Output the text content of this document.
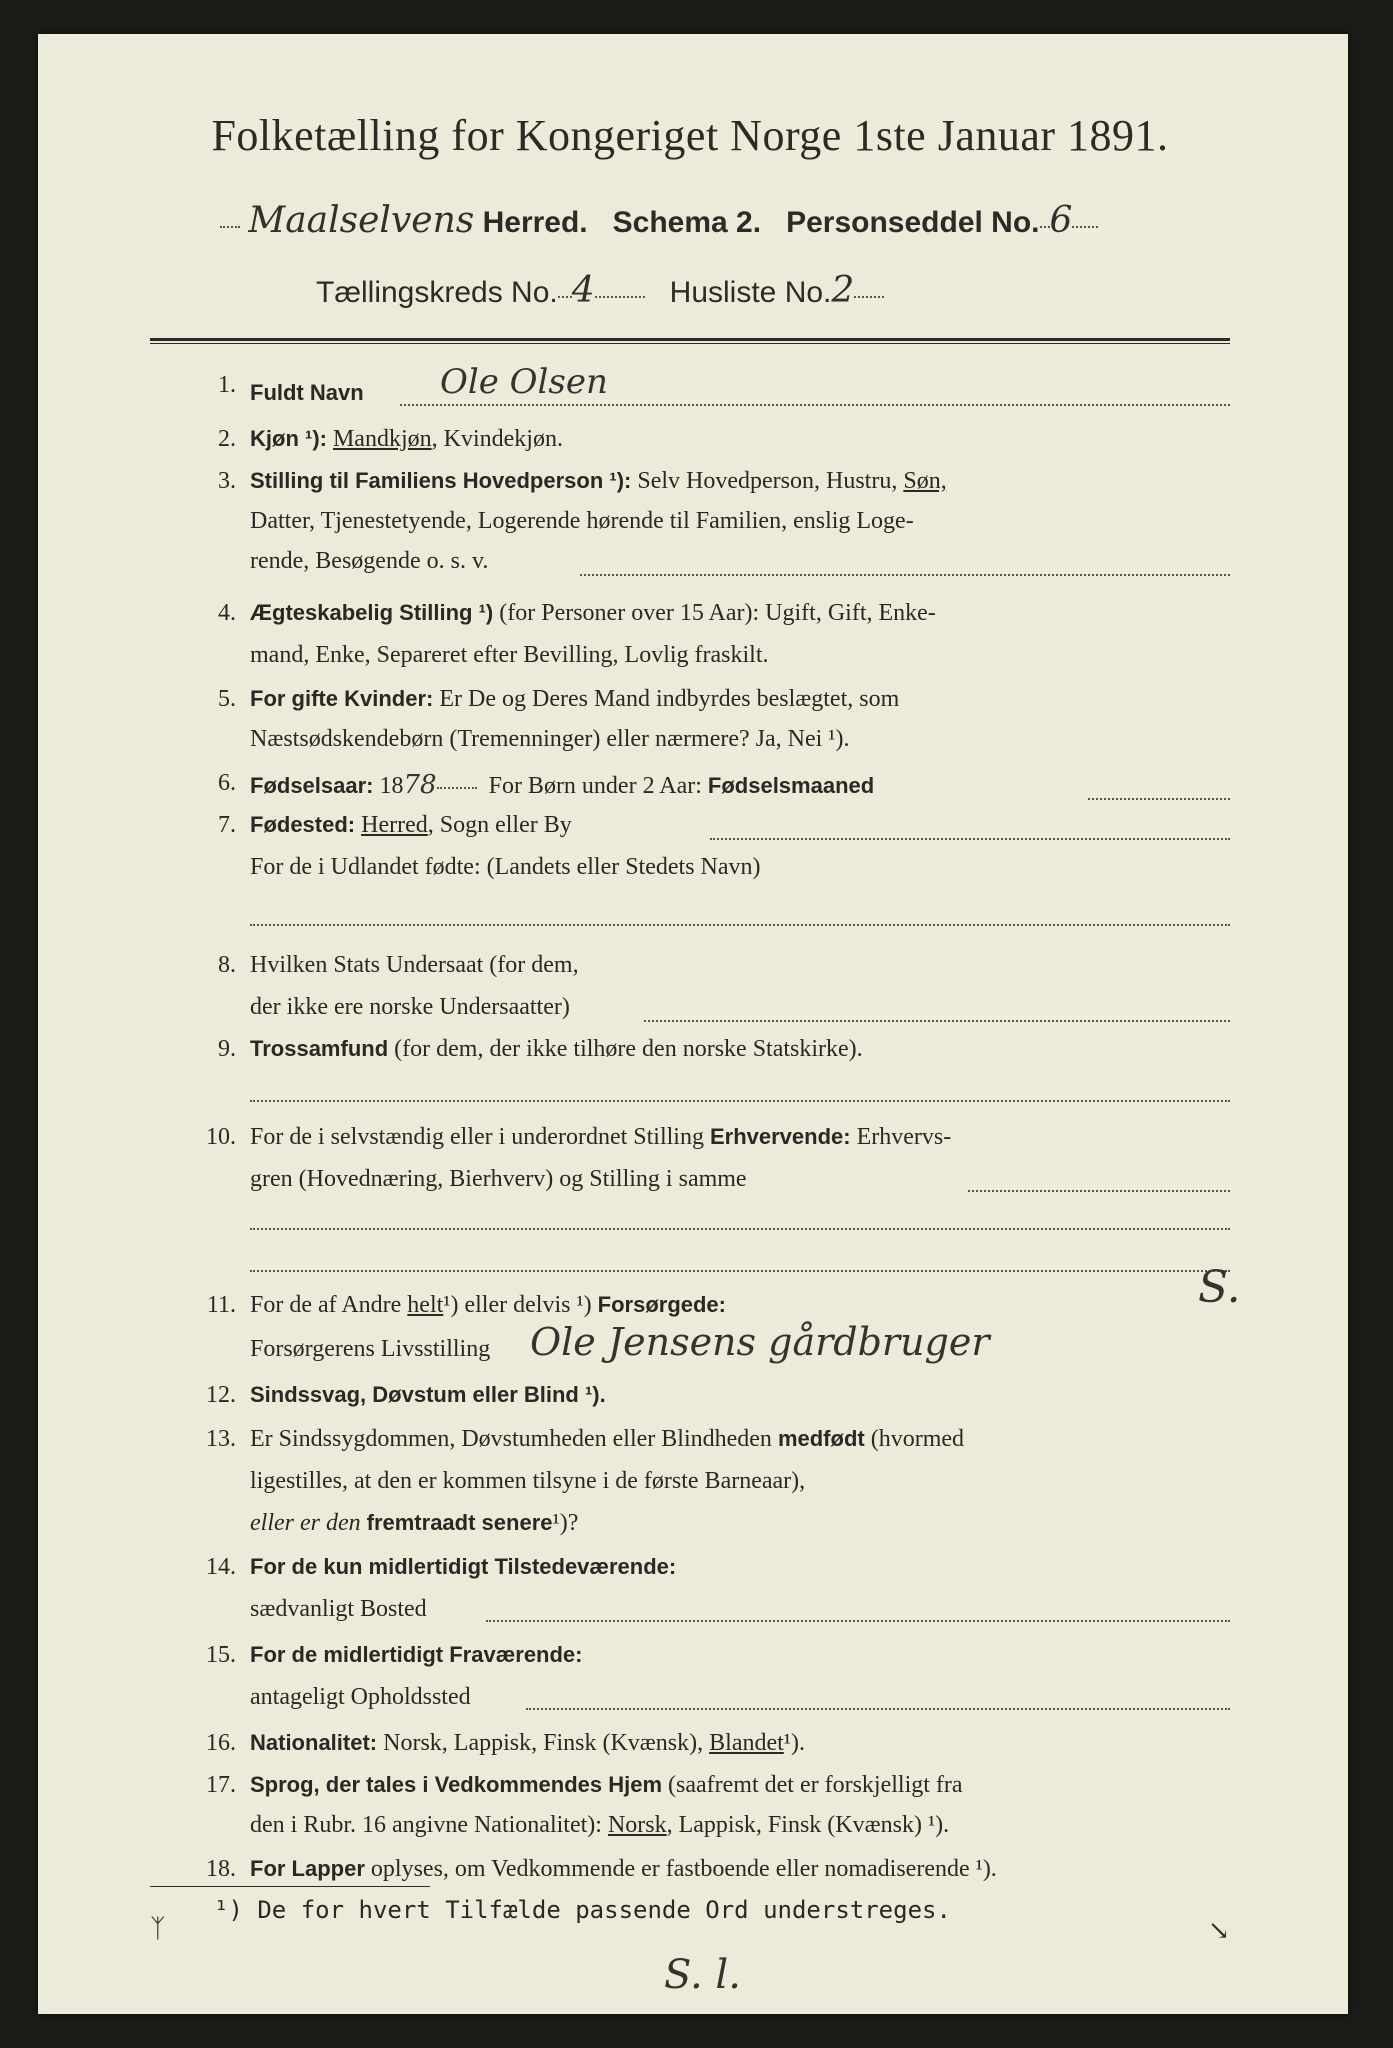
Folketælling for Kongeriget Norge 1ste Januar 1891.
Maalselvens Herred. Schema 2. Personseddel No. 6
Tællingskreds No. 4	Husliste No.2
1. Fuldt Navn Ole Olsen
2. Kjøn ¹): Mandkjøn, Kvindekjøn.
3. Stilling til Familiens Hovedperson ¹): Selv Hovedperson, Hustru, Søn,
Datter, Tjenestetyende, Logerende hørende til Familien, enslig Loge-
rende, Besøgende o. s. v.
4. Ægteskabelig Stilling ¹) (for Personer over 15 Aar): Ugift, Gift, Enke-
mand, Enke, Separeret efter Bevilling, Lovlig fraskilt.
5. For gifte Kvinder: Er De og Deres Mand indbyrdes beslægtet, som
Næstsødskendebørn (Tremenninger) eller nærmere? Ja, Nei ¹).
6. Fødselsaar: 1878 For Børn under 2 Aar: Fødselsmaaned
7. Fødested: Herred, Sogn eller By
For de i Udlandet fødte: (Landets eller Stedets Navn)
8. Hvilken Stats Undersaat (for dem,
der ikke ere norske Undersaatter)
9. Trossamfund (for dem, der ikke tilhøre den norske Statskirke).
10. For de i selvstændig eller i underordnet Stilling Erhvervende: Erhvervs-
gren (Hovednæring, Bierhverv) og Stilling i samme
11. For de af Andre helt¹) eller delvis ¹) Forsørgede:
Forsørgerens Livsstilling Ole Jensens gårdbruger
S.
12. Sindssvag, Døvstum eller Blind ¹).
13. Er Sindssygdommen, Døvstumheden eller Blindheden medfødt (hvormed
ligestilles, at den er kommen tilsyne i de første Barneaar),
eller er den fremtraadt senere¹)?
14. For de kun midlertidigt Tilstedeværende:
sædvanligt Bosted
15. For de midlertidigt Fraværende:
antageligt Opholdssted
16. Nationalitet: Norsk, Lappisk, Finsk (Kvænsk), Blandet¹).
17. Sprog, der tales i Vedkommendes Hjem (saafremt det er forskjelligt fra
den i Rubr. 16 angivne Nationalitet): Norsk, Lappisk, Finsk (Kvænsk) ¹).
18. For Lapper oplyses, om Vedkommende er fastboende eller nomadiserende ¹).
¹) De for hvert Tilfælde passende Ord understreges.
ᛉ	↘
S. l.
